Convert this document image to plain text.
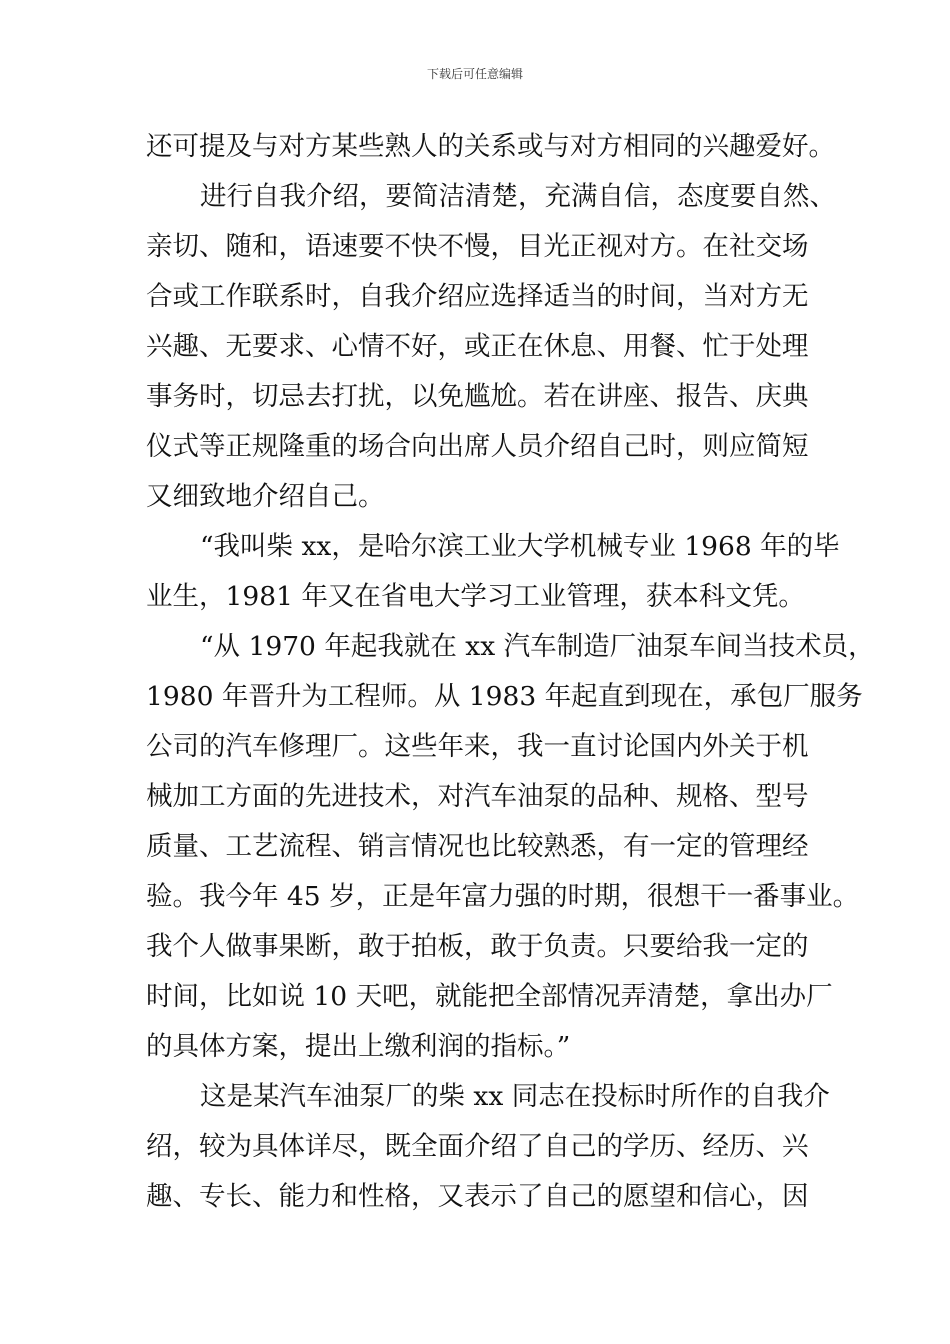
下载后可任意编辑
还可提及与对方某些熟人的关系或与对方相同的兴趣爱好。
进行自我介绍，要简洁清楚，充满自信，态度要自然、
亲切、随和，语速要不快不慢，目光正视对方。在社交场
合或工作联系时，自我介绍应选择适当的时间，当对方无
兴趣、无要求、心情不好，或正在休息、用餐、忙于处理
事务时，切忌去打扰，以免尴尬。若在讲座、报告、庆典
仪式等正规隆重的场合向出席人员介绍自己时，则应简短
又细致地介绍自己。
“我叫柴 xx，是哈尔滨工业大学机械专业 1968 年的毕
业生，1981 年又在省电大学习工业管理，获本科文凭。
“从 1970 年起我就在 xx 汽车制造厂油泵车间当技术员，
1980 年晋升为工程师。从 1983 年起直到现在，承包厂服务
公司的汽车修理厂。这些年来，我一直讨论国内外关于机
械加工方面的先进技术，对汽车油泵的品种、规格、型号
质量、工艺流程、销言情况也比较熟悉，有一定的管理经
验。我今年 45 岁，正是年富力强的时期，很想干一番事业。
我个人做事果断，敢于拍板，敢于负责。只要给我一定的
时间，比如说 10 天吧，就能把全部情况弄清楚，拿出办厂
的具体方案，提出上缴利润的指标。”
这是某汽车油泵厂的柴 xx 同志在投标时所作的自我介
绍，较为具体详尽，既全面介绍了自己的学历、经历、兴
趣、专长、能力和性格，又表示了自己的愿望和信心，因
